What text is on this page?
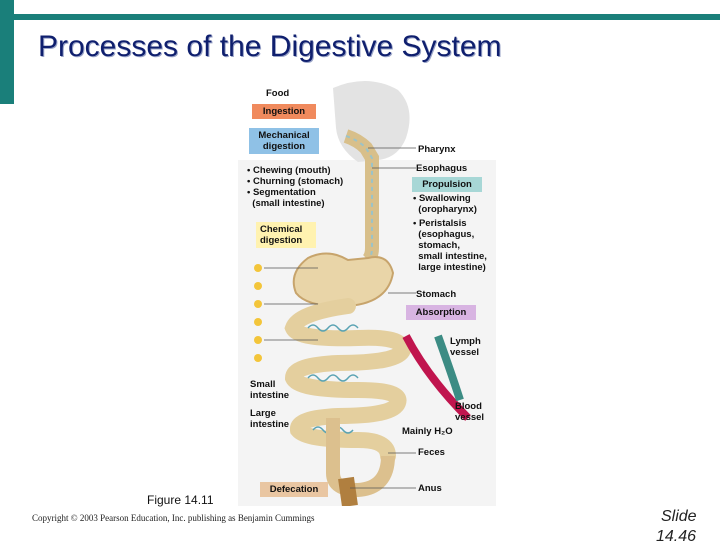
Processes of the Digestive System
Food
Ingestion
Mechanical
digestion
• Chewing (mouth)
• Churning (stomach)
• Segmentation
(small intestine)
Chemical
digestion
Pharynx
Esophagus
Propulsion
• Swallowing
(oropharynx)
• Peristalsis
(esophagus,
stomach,
small intestine,
large intestine)
Stomach
Absorption
Lymph
vessel
Blood
vessel
Mainly H₂O
Small
intestine
Large
intestine
Feces
Anus
Defecation
Figure 14.11
Copyright © 2003 Pearson Education, Inc. publishing as Benjamin Cummings	Slide
14.46
